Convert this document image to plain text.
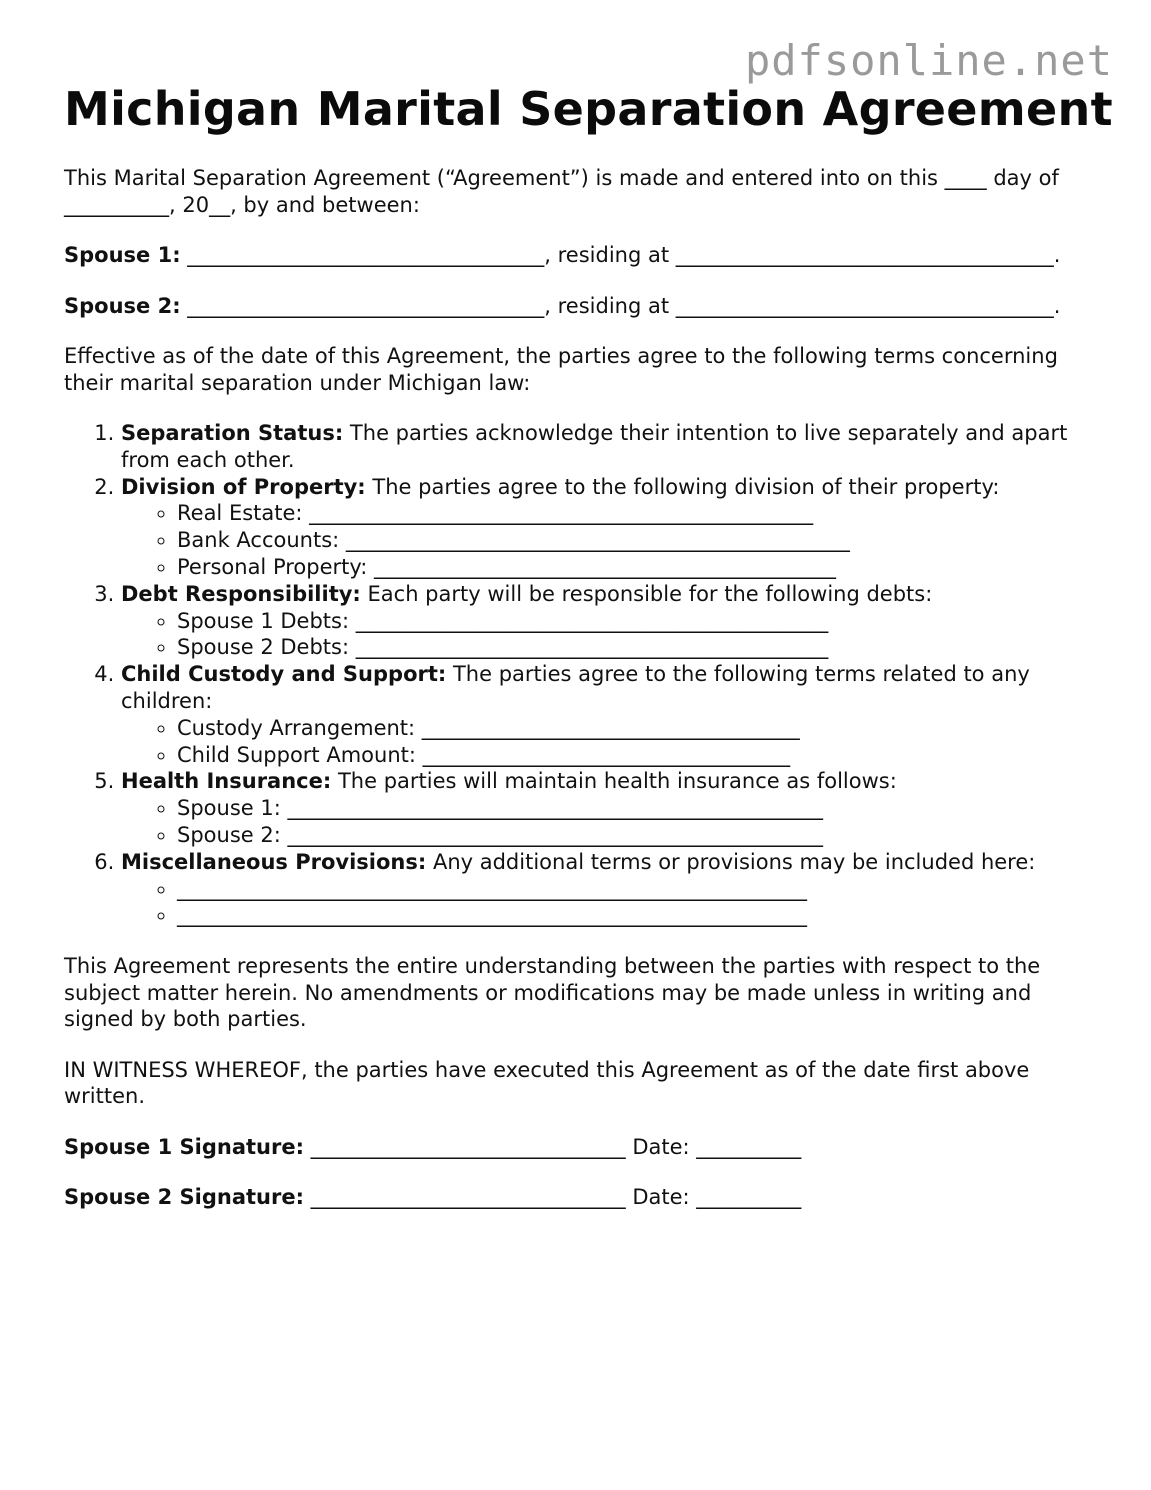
pdfsonline.net
Michigan Marital Separation Agreement

This Marital Separation Agreement (“Agreement”) is made and entered into on this ____ day of __________, 20__, by and between:

Spouse 1: __________________________________, residing at ____________________________________.

Spouse 2: __________________________________, residing at ____________________________________.

Effective as of the date of this Agreement, the parties agree to the following terms concerning their marital separation under Michigan law:

1. Separation Status: The parties acknowledge their intention to live separately and apart from each other.
2. Division of Property: The parties agree to the following division of their property:
◦ Real Estate: ________________________________________________
◦ Bank Accounts: ________________________________________________
◦ Personal Property: ____________________________________________
3. Debt Responsibility: Each party will be responsible for the following debts:
◦ Spouse 1 Debts: _____________________________________________
◦ Spouse 2 Debts: _____________________________________________
4. Child Custody and Support: The parties agree to the following terms related to any children:
◦ Custody Arrangement: ____________________________________
◦ Child Support Amount: ___________________________________
5. Health Insurance: The parties will maintain health insurance as follows:
◦ Spouse 1: ___________________________________________________
◦ Spouse 2: ___________________________________________________
6. Miscellaneous Provisions: Any additional terms or provisions may be included here:
◦ ____________________________________________________________
◦ ____________________________________________________________

This Agreement represents the entire understanding between the parties with respect to the subject matter herein. No amendments or modifications may be made unless in writing and signed by both parties.

IN WITNESS WHEREOF, the parties have executed this Agreement as of the date first above written.

Spouse 1 Signature: ______________________________ Date: __________

Spouse 2 Signature: ______________________________ Date: __________
